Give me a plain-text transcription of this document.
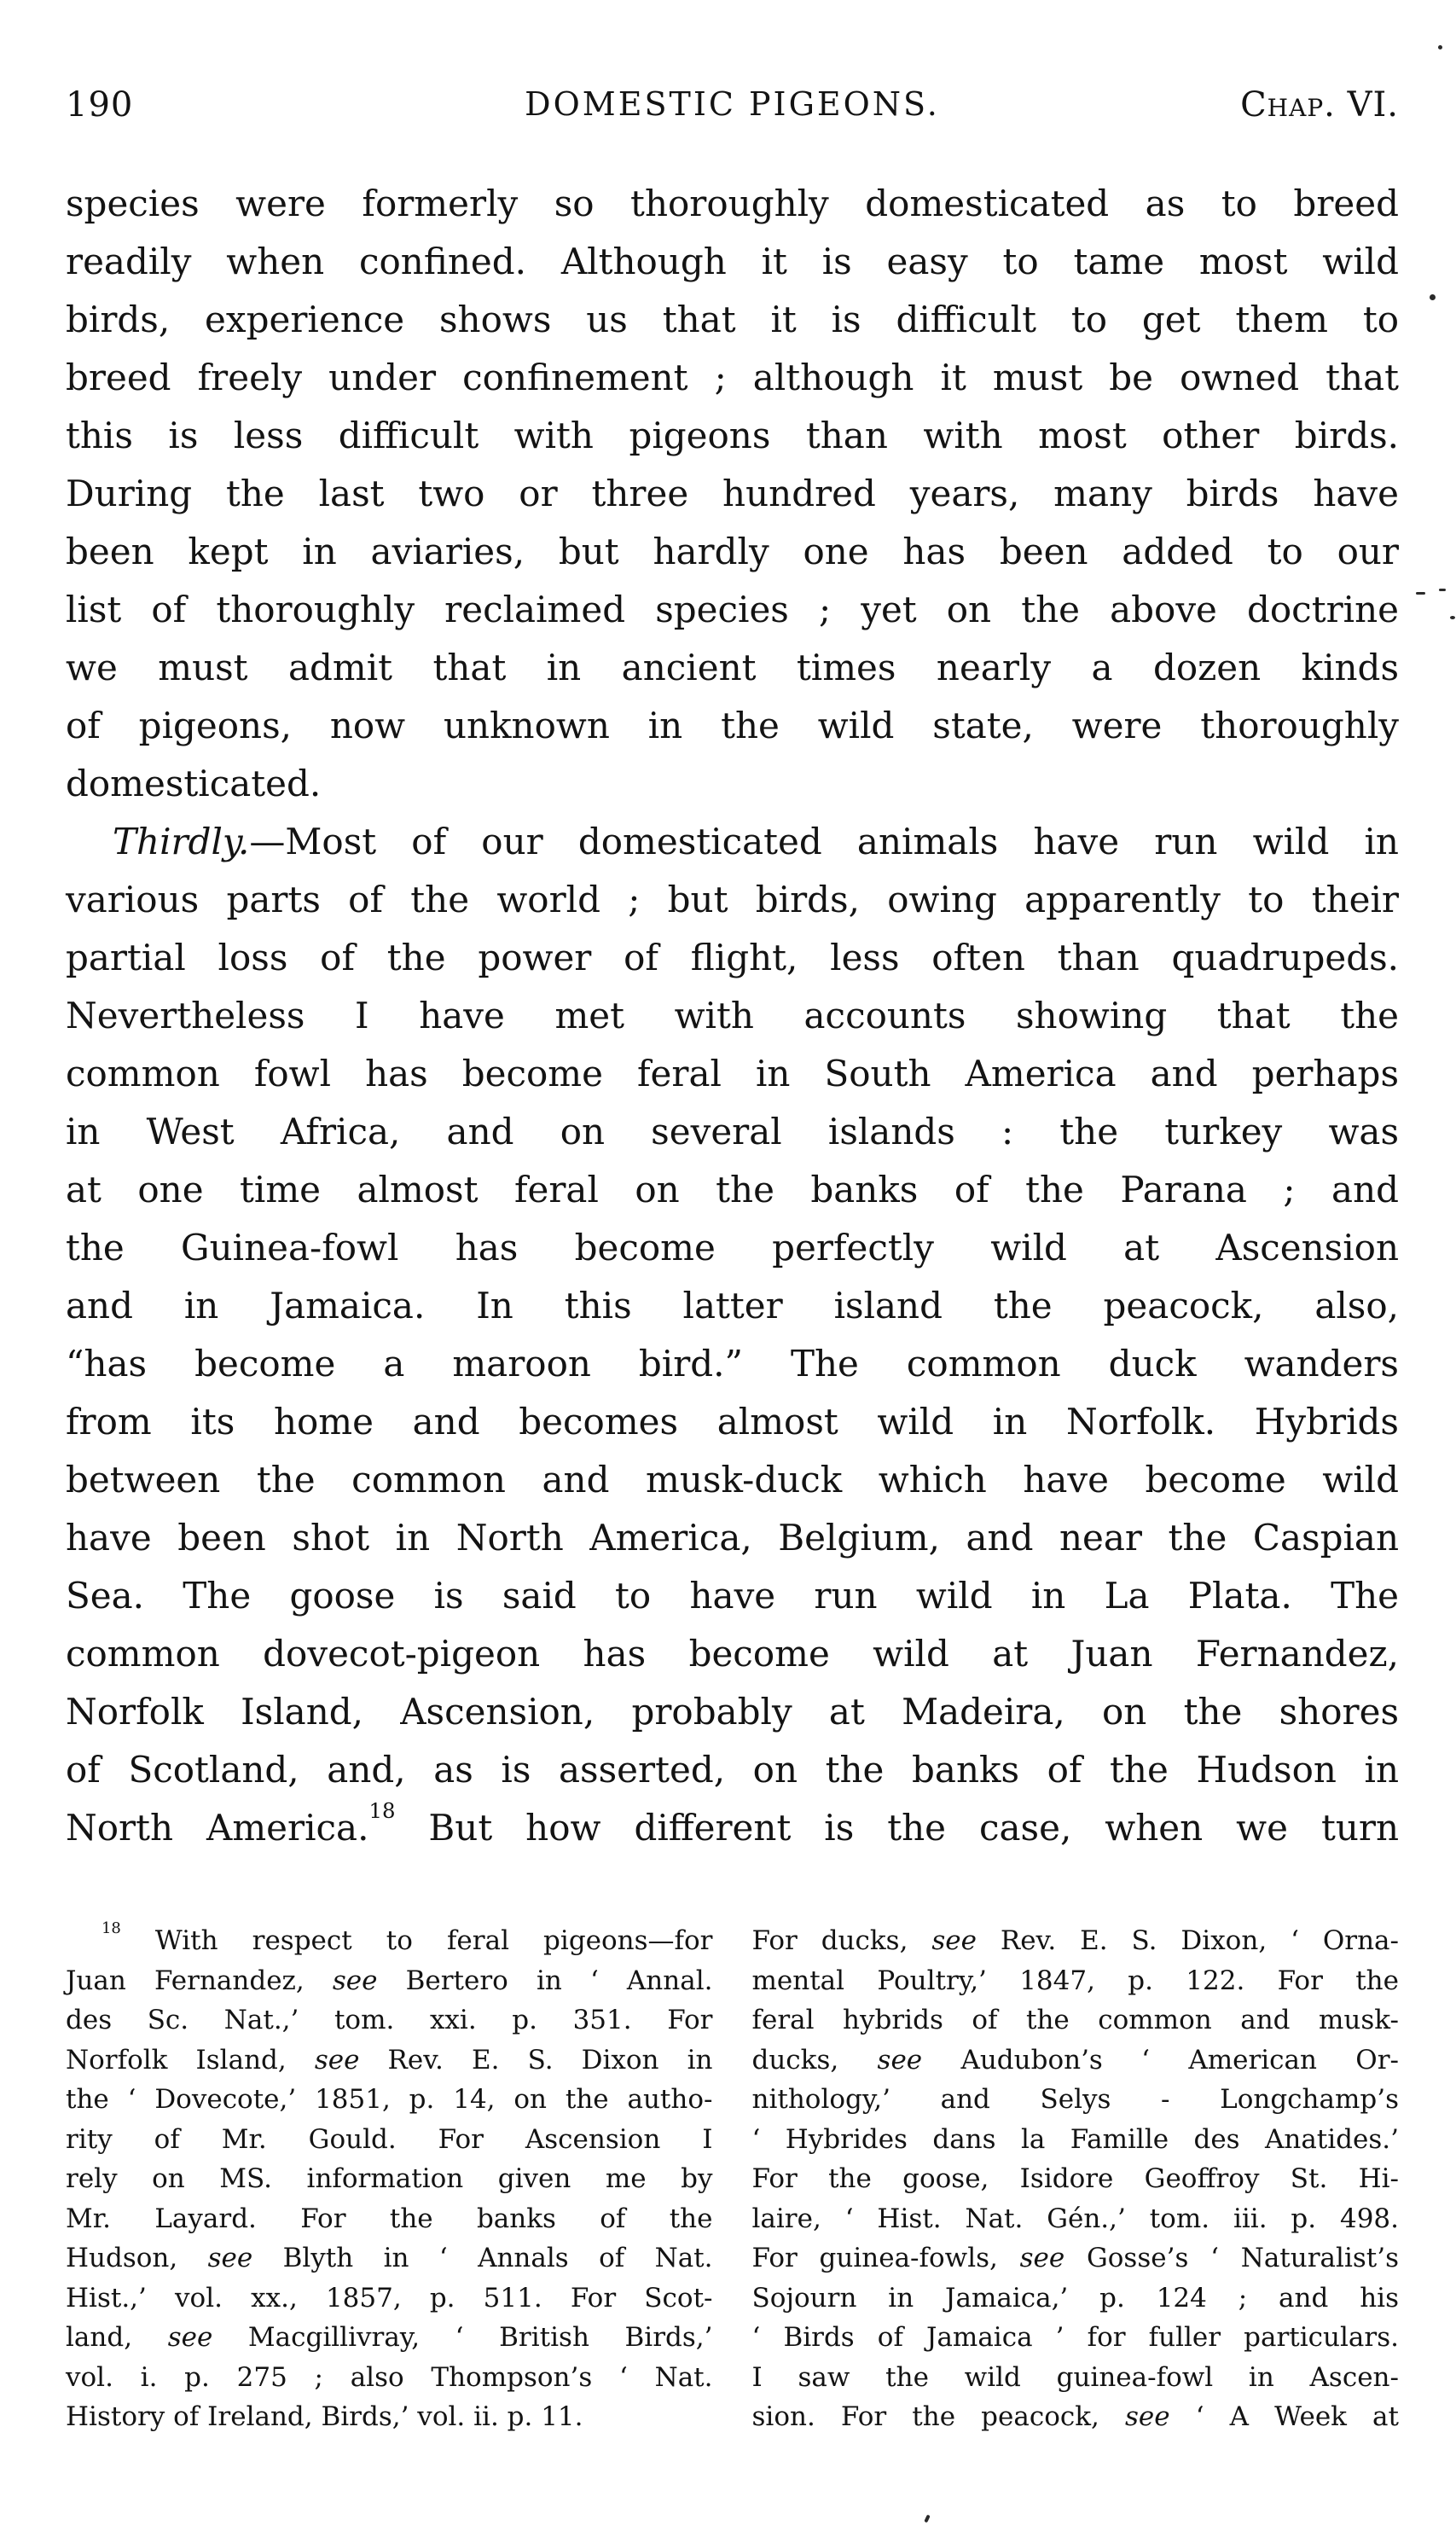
190	DOMESTIC PIGEONS.	Chap. VI.
species were formerly so thoroughly domesticated as to breed
readily when confined. Although it is easy to tame most wild
birds, experience shows us that it is difficult to get them to
breed freely under confinement ; although it must be owned that
this is less difficult with pigeons than with most other birds.
During the last two or three hundred years, many birds have
been kept in aviaries, but hardly one has been added to our
list of thoroughly reclaimed species ; yet on the above doctrine
we must admit that in ancient times nearly a dozen kinds
of pigeons, now unknown in the wild state, were thoroughly
domesticated.
Thirdly.—Most of our domesticated animals have run wild in
various parts of the world ; but birds, owing apparently to their
partial loss of the power of flight, less often than quadrupeds.
Nevertheless I have met with accounts showing that the
common fowl has become feral in South America and perhaps
in West Africa, and on several islands : the turkey was
at one time almost feral on the banks of the Parana ; and
the Guinea-fowl has become perfectly wild at Ascension
and in Jamaica. In this latter island the peacock, also,
“has become a maroon bird.” The common duck wanders
from its home and becomes almost wild in Norfolk. Hybrids
between the common and musk-duck which have become wild
have been shot in North America, Belgium, and near the Caspian
Sea. The goose is said to have run wild in La Plata. The
common dovecot-pigeon has become wild at Juan Fernandez,
Norfolk Island, Ascension, probably at Madeira, on the shores
of Scotland, and, as is asserted, on the banks of the Hudson in
North America.$^{18}$ But how different is the case, when we turn
$^{18}$ With respect to feral pigeons—for
Juan Fernandez, see Bertero in ‘ Annal.
des Sc. Nat.,’ tom. xxi. p. 351. For
Norfolk Island, see Rev. E. S. Dixon in
the ‘ Dovecote,’ 1851, p. 14, on the autho-
rity of Mr. Gould. For Ascension I
rely on MS. information given me by
Mr. Layard. For the banks of the
Hudson, see Blyth in ‘ Annals of Nat.
Hist.,’ vol. xx., 1857, p. 511. For Scot-
land, see Macgillivray, ‘ British Birds,’
vol. i. p. 275 ; also Thompson’s ‘ Nat.
History of Ireland, Birds,’ vol. ii. p. 11.
For ducks, see Rev. E. S. Dixon, ‘ Orna-
mental Poultry,’ 1847, p. 122. For the
feral hybrids of the common and musk-
ducks, see Audubon’s ‘ American Or-
nithology,’ and Selys - Longchamp’s
‘ Hybrides dans la Famille des Anatides.’
For the goose, Isidore Geoffroy St. Hi-
laire, ‘ Hist. Nat. Gén.,’ tom. iii. p. 498.
For guinea-fowls, see Gosse’s ‘ Naturalist’s
Sojourn in Jamaica,’ p. 124 ; and his
‘ Birds of Jamaica ’ for fuller particulars.
I saw the wild guinea-fowl in Ascen-
sion. For the peacock, see ‘ A Week at
